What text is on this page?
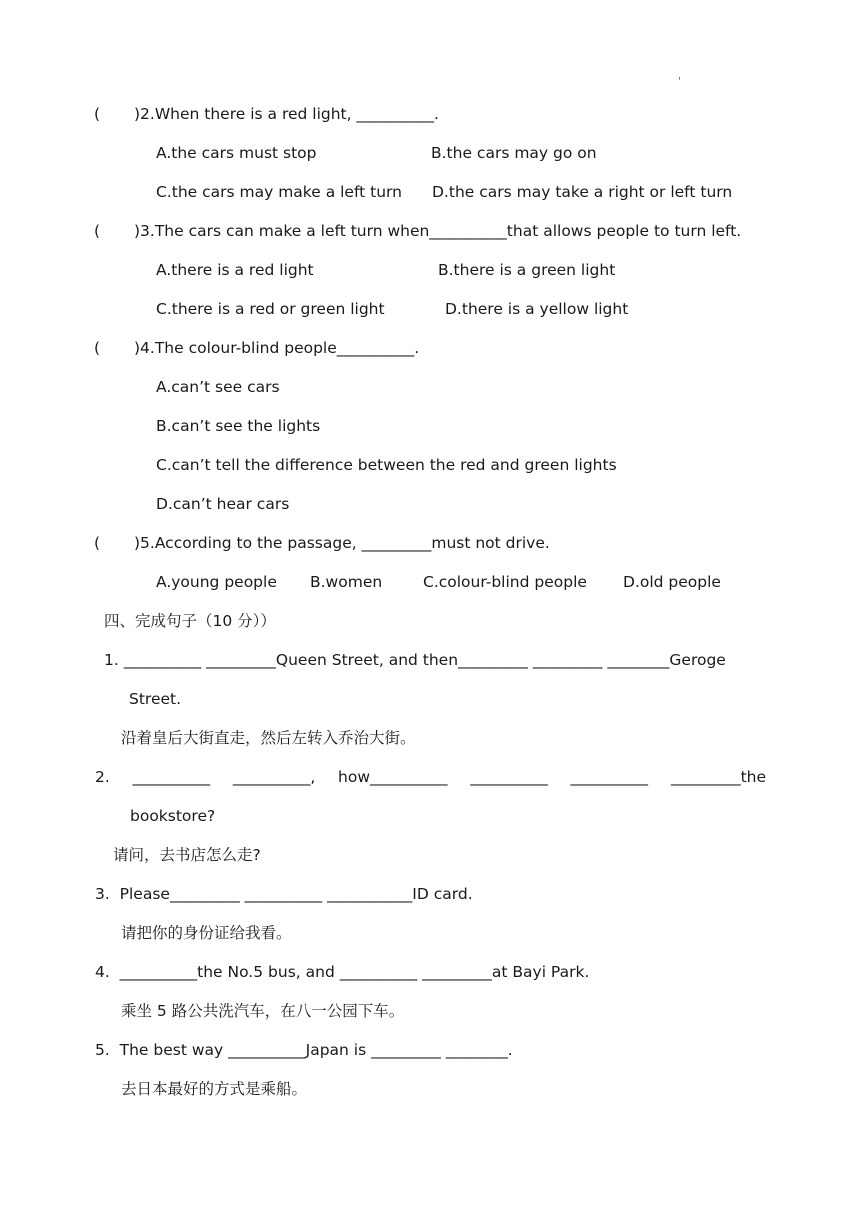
'
( )2.When there is a red light, __________.
A.the cars must stop	B.the cars may go on
C.the cars may make a left turn D.the cars may take a right or left turn
( )3.The cars can make a left turn when__________that allows people to turn left.
A.there is a red light	B.there is a green light
C.there is a red or green light	D.there is a yellow light
( )4.The colour-blind people__________.
A.can’t see cars
B.can’t see the lights
C.can’t tell the difference between the red and green lights
D.can’t hear cars
( )5.According to the passage, _________must not drive.
A.young people B.women	C.colour-blind people D.old people
四、完成句子（10 分））
1. __________ _________Queen Street, and then_________ _________ ________Geroge
Street.
沿着皇后大街直走，然后左转入乔治大街。
2. __________ __________, how__________ __________ __________ _________the
bookstore?
请问，去书店怎么走?
3.  Please_________ __________ ___________ID card.
请把你的身份证给我看。
4.  __________the No.5 bus, and __________ _________at Bayi Park.
乘坐 5 路公共洗汽车，在八一公园下车。
5.  The best way __________Japan is _________ ________.
去日本最好的方式是乘船。
